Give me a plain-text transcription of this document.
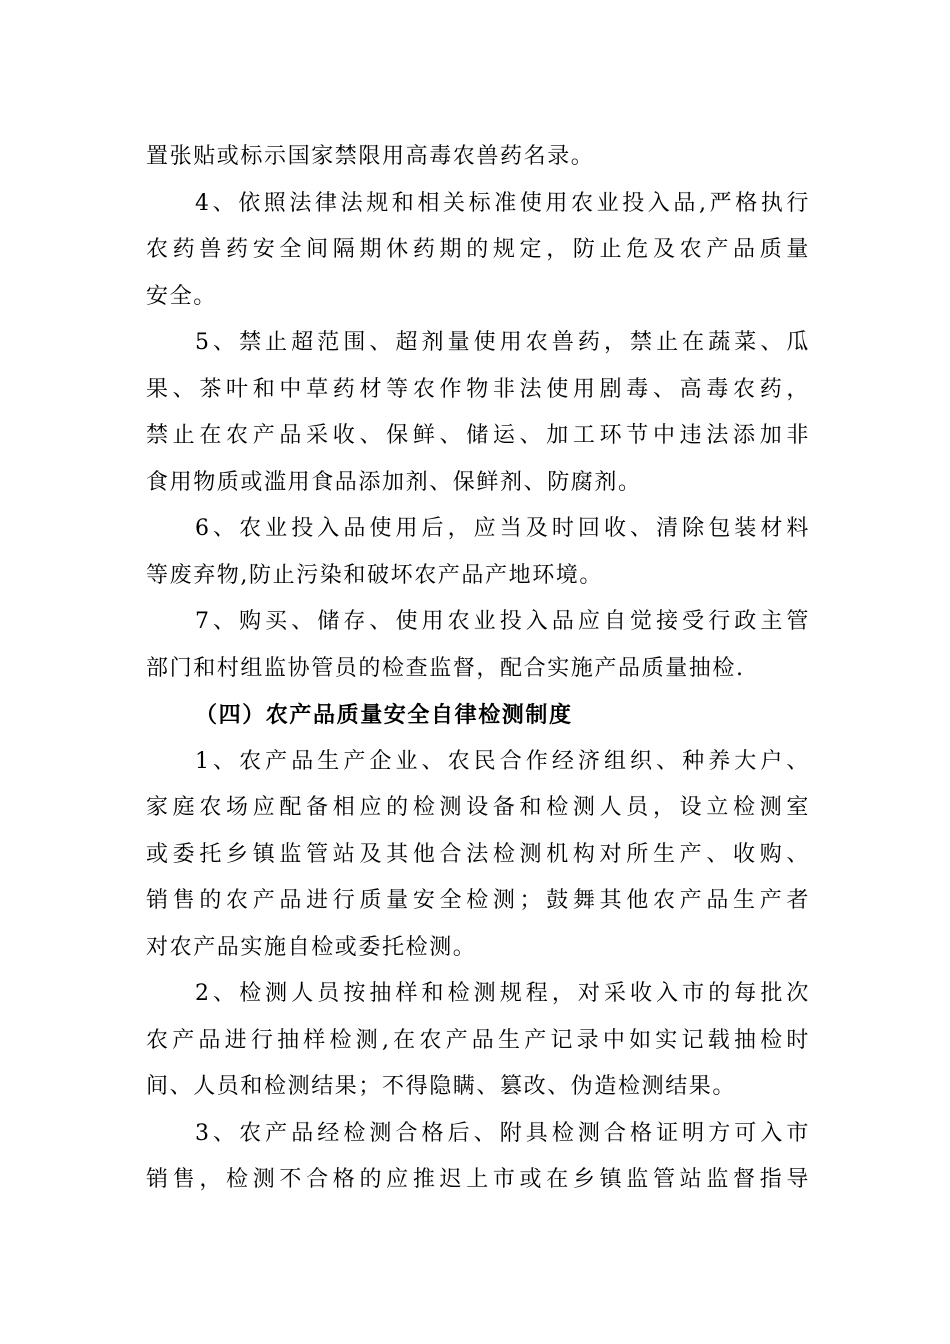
置张贴或标示国家禁限用高毒农兽药名录。
4、依照法律法规和相关标准使用农业投入品,严格执行
农药兽药安全间隔期休药期的规定，防止危及农产品质量
安全。
5、禁止超范围、超剂量使用农兽药，禁止在蔬菜、瓜
果、茶叶和中草药材等农作物非法使用剧毒、高毒农药，
禁止在农产品采收、保鲜、储运、加工环节中违法添加非
食用物质或滥用食品添加剂、保鲜剂、防腐剂。
6、农业投入品使用后，应当及时回收、清除包装材料
等废弃物,防止污染和破坏农产品产地环境。
7、购买、储存、使用农业投入品应自觉接受行政主管
部门和村组监协管员的检查监督，配合实施产品质量抽检.
（四）农产品质量安全自律检测制度
1、农产品生产企业、农民合作经济组织、种养大户、
家庭农场应配备相应的检测设备和检测人员，设立检测室
或委托乡镇监管站及其他合法检测机构对所生产、收购、
销售的农产品进行质量安全检测；鼓舞其他农产品生产者
对农产品实施自检或委托检测。
2、检测人员按抽样和检测规程，对采收入市的每批次
农产品进行抽样检测,在农产品生产记录中如实记载抽检时
间、人员和检测结果；不得隐瞒、篡改、伪造检测结果。
3、农产品经检测合格后、附具检测合格证明方可入市
销售，检测不合格的应推迟上市或在乡镇监管站监督指导
